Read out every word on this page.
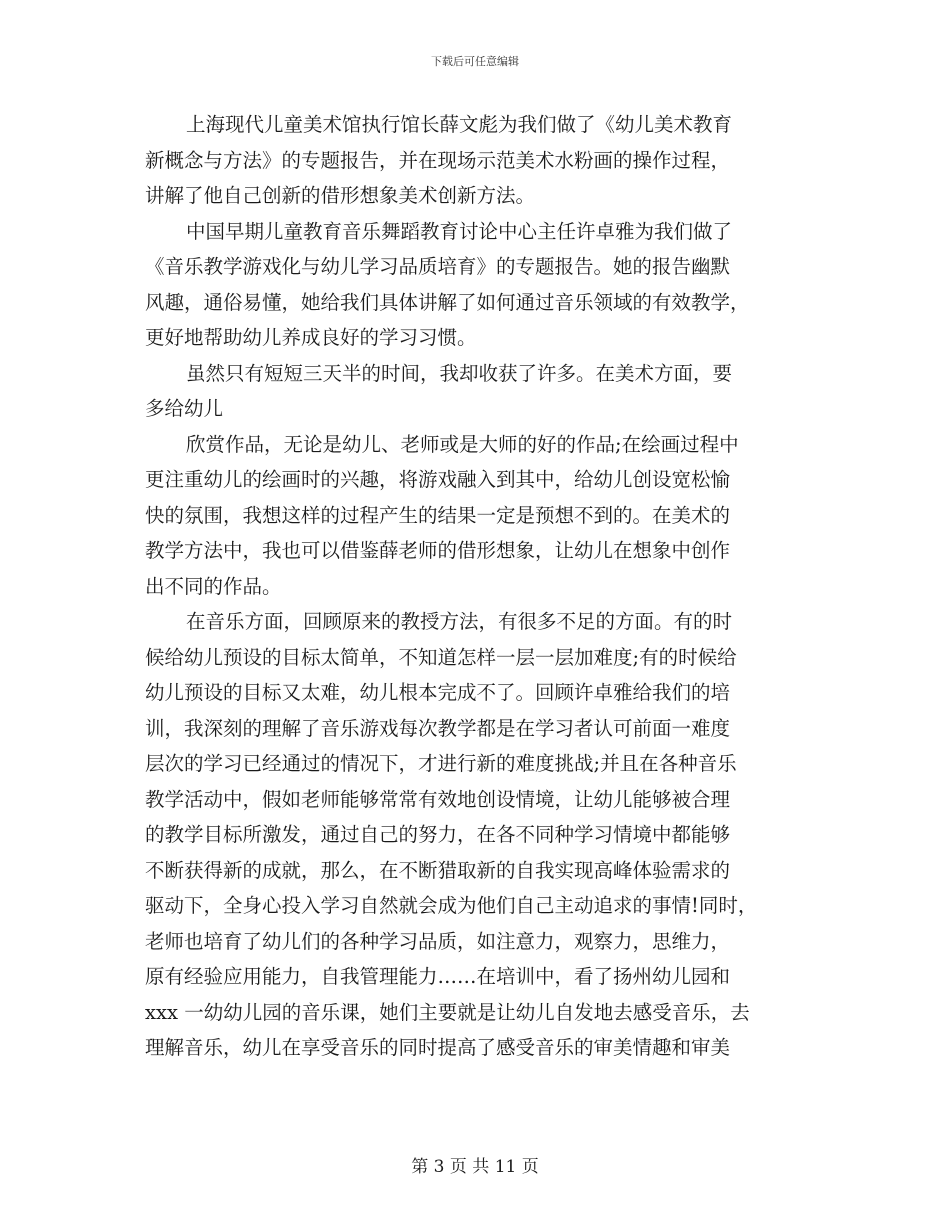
下载后可任意编辑

上海现代儿童美术馆执行馆长薛文彪为我们做了《幼儿美术教育
新概念与方法》的专题报告，并在现场示范美术水粉画的操作过程，
讲解了他自己创新的借形想象美术创新方法。

中国早期儿童教育音乐舞蹈教育讨论中心主任许卓雅为我们做了
《音乐教学游戏化与幼儿学习品质培育》的专题报告。她的报告幽默
风趣，通俗易懂，她给我们具体讲解了如何通过音乐领域的有效教学，
更好地帮助幼儿养成良好的学习习惯。

虽然只有短短三天半的时间，我却收获了许多。在美术方面，要
多给幼儿

欣赏作品，无论是幼儿、老师或是大师的好的作品;在绘画过程中
更注重幼儿的绘画时的兴趣，将游戏融入到其中，给幼儿创设宽松愉
快的氛围，我想这样的过程产生的结果一定是预想不到的。在美术的
教学方法中，我也可以借鉴薛老师的借形想象，让幼儿在想象中创作
出不同的作品。

在音乐方面，回顾原来的教授方法，有很多不足的方面。有的时
候给幼儿预设的目标太简单，不知道怎样一层一层加难度;有的时候给
幼儿预设的目标又太难，幼儿根本完成不了。回顾许卓雅给我们的培
训，我深刻的理解了音乐游戏每次教学都是在学习者认可前面一难度
层次的学习已经通过的情况下，才进行新的难度挑战;并且在各种音乐
教学活动中，假如老师能够常常有效地创设情境，让幼儿能够被合理
的教学目标所激发，通过自己的努力，在各不同种学习情境中都能够
不断获得新的成就，那么，在不断猎取新的自我实现高峰体验需求的
驱动下，全身心投入学习自然就会成为他们自己主动追求的事情!同时，
老师也培育了幼儿们的各种学习品质，如注意力，观察力，思维力，
原有经验应用能力，自我管理能力……在培训中，看了扬州幼儿园和
xxx 一幼幼儿园的音乐课，她们主要就是让幼儿自发地去感受音乐，去
理解音乐，幼儿在享受音乐的同时提高了感受音乐的审美情趣和审美

第 3 页 共 11 页
